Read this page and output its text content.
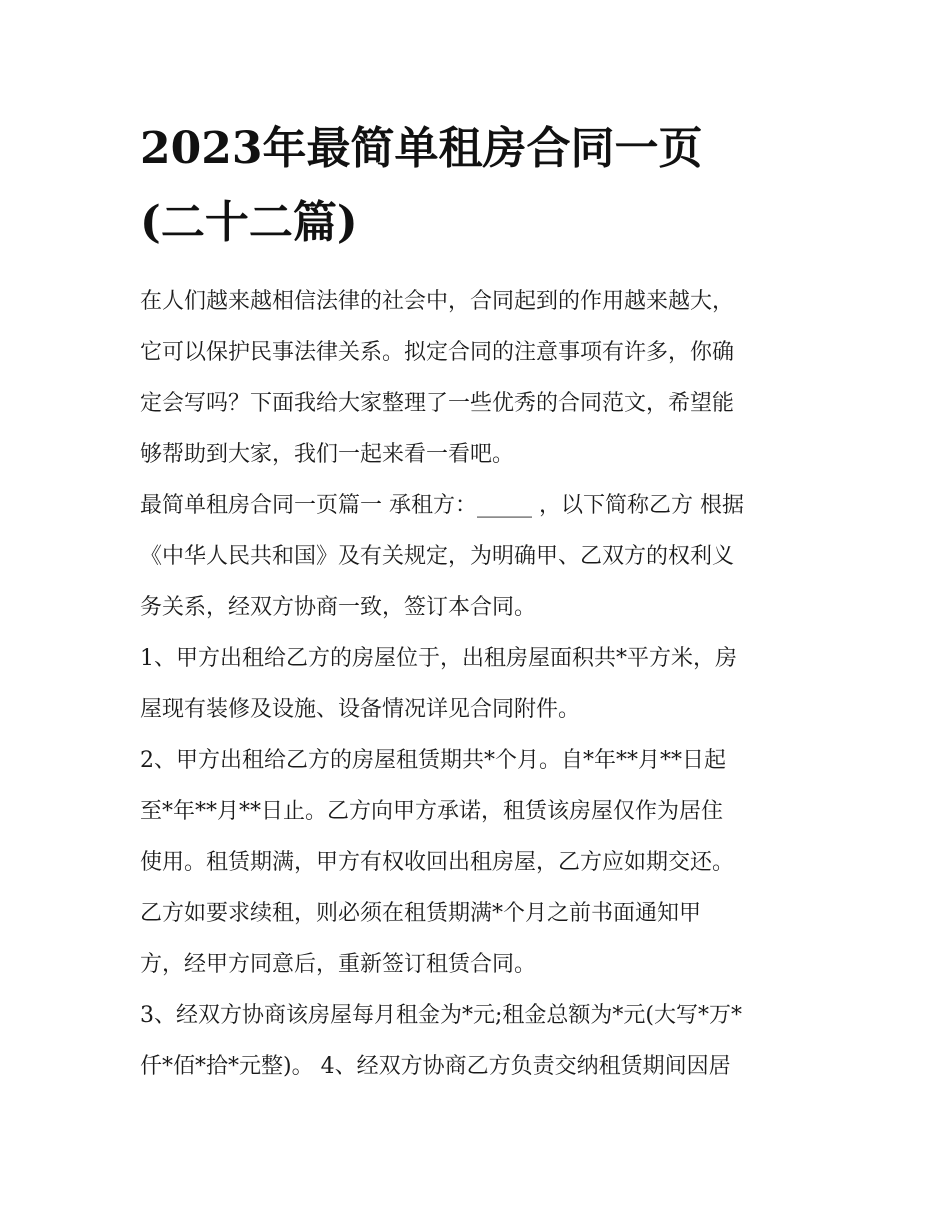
2023年最简单租房合同一页
(二十二篇)
在人们越来越相信法律的社会中，合同起到的作用越来越大，
它可以保护民事法律关系。拟定合同的注意事项有许多，你确
定会写吗？下面我给大家整理了一些优秀的合同范文，希望能
够帮助到大家，我们一起来看一看吧。
最简单租房合同一页篇一 承租方：_____ ，以下简称乙方 根据
《中华人民共和国》及有关规定，为明确甲、乙双方的权利义
务关系，经双方协商一致，签订本合同。
1、甲方出租给乙方的房屋位于，出租房屋面积共*平方米，房
屋现有装修及设施、设备情况详见合同附件。
2、甲方出租给乙方的房屋租赁期共*个月。自*年**月**日起
至*年**月**日止。乙方向甲方承诺，租赁该房屋仅作为居住
使用。租赁期满，甲方有权收回出租房屋，乙方应如期交还。
乙方如要求续租，则必须在租赁期满*个月之前书面通知甲
方，经甲方同意后，重新签订租赁合同。
3、经双方协商该房屋每月租金为*元;租金总额为*元(大写*万*
仟*佰*拾*元整)。 4、经双方协商乙方负责交纳租赁期间因居
